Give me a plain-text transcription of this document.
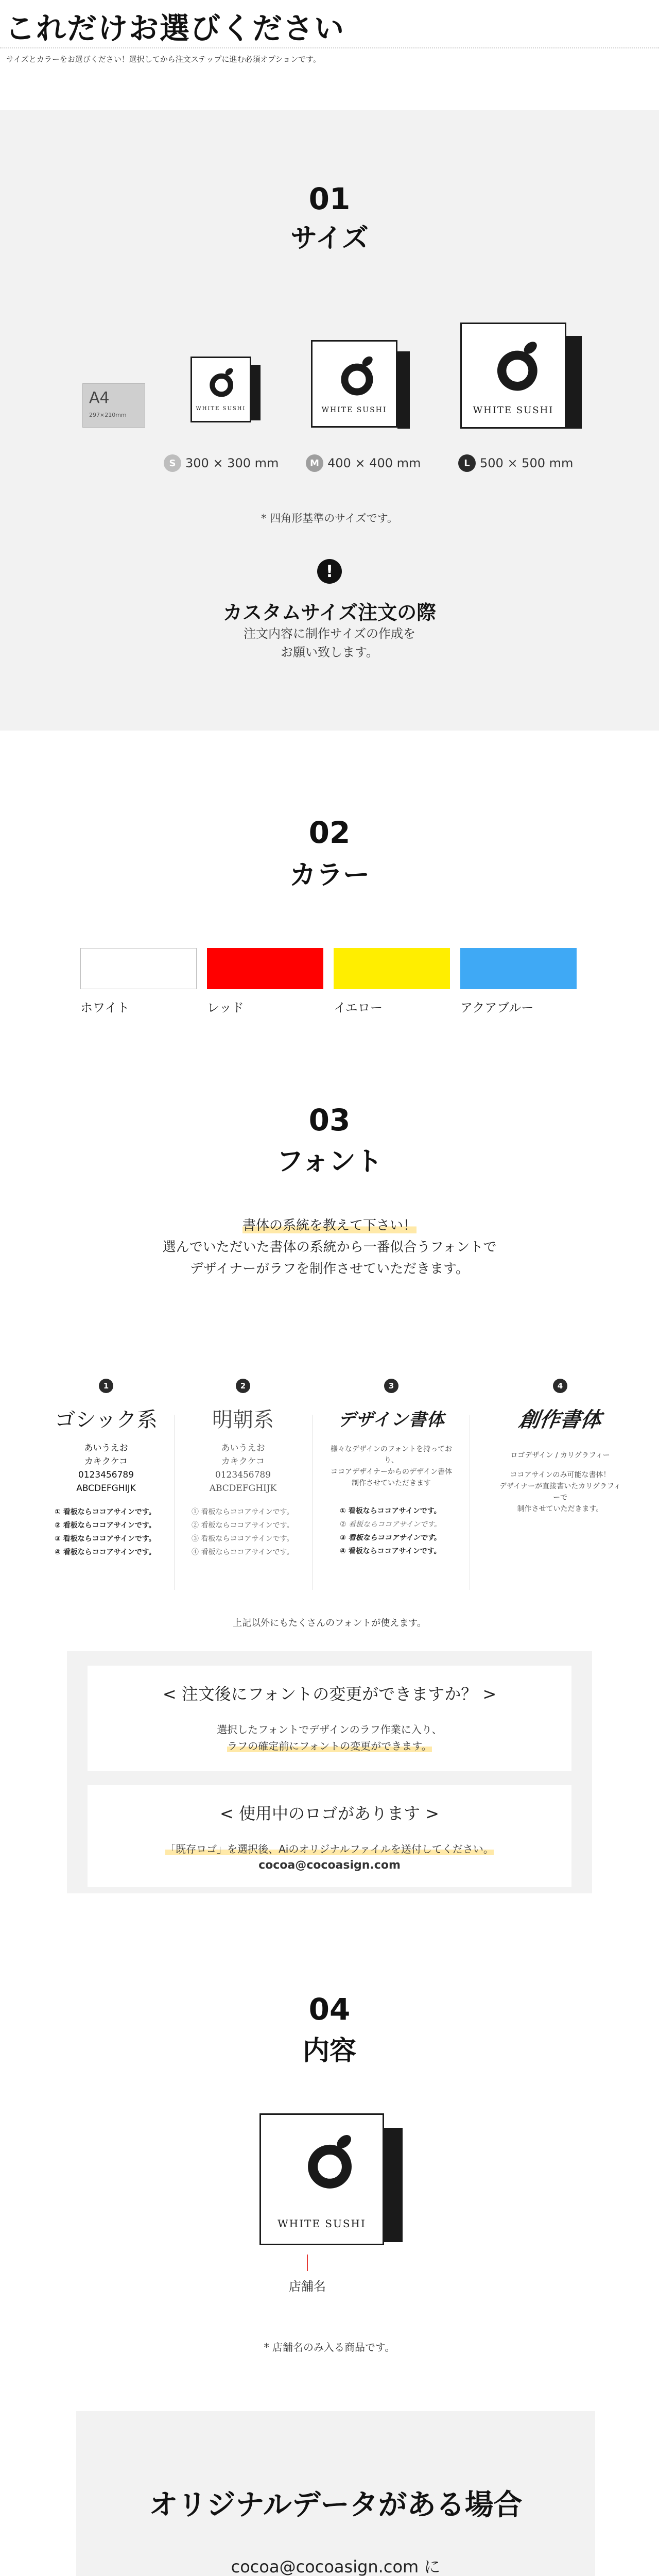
これだけお選びください
サイズとカラーをお選びください！選択してから注文ステップに進む必須オプションです。
01
サイズ
A4
297×210mm
WHITE SUSHI	WHITE SUSHI	WHITE SUSHI
S 300 × 300 mm	M 400 × 400 mm	L 500 × 500 mm
* 四角形基準のサイズです。
!
カスタムサイズ注文の際
注文内容に制作サイズの作成を
お願い致します。
02
カラー
ホワイト	レッド	イエロー	アクアブルー
03
フォント
書体の系統を教えて下さい！
選んでいただいた書体の系統から一番似合うフォントで
デザイナーがラフを制作させていただきます。
1
ゴシック系
あいうえお
カキクケコ
0123456789
ABCDEFGHIJK
① 看板ならココアサインです。
② 看板ならココアサインです。
③ 看板ならココアサインです。
④ 看板ならココアサインです。
2
明朝系
あいうえお
カキクケコ
0123456789
ABCDEFGHIJK
① 看板ならココアサインです。
② 看板ならココアサインです。
③ 看板ならココアサインです。
④ 看板ならココアサインです。
3
デザイン書体
様々なデザインのフォントを持っており、
ココアデザイナーからのデザイン書体
制作させていただきます
① 看板ならココアサインです。
② 看板ならココアサインです。
③ 看板ならココアサインです。
④ 看板ならココアサインです。
4
創作書体
ロゴデザイン / カリグラフィー
ココアサインのみ可能な書体！
デザイナーが直接書いたカリグラフィーで
制作させていただきます。
上記以外にもたくさんのフォントが使えます。
< 注文後にフォントの変更ができますか？ >
選択したフォントでデザインのラフ作業に入り、
ラフの確定前にフォントの変更ができます。
< 使用中のロゴがあります >
「既存ロゴ」を選択後、Aiのオリジナルファイルを送付してください。
cocoa@cocoasign.com
04
内容
WHITE SUSHI
店舗名
* 店舗名のみ入る商品です。
オリジナルデータがある場合
cocoa@cocoasign.com に
